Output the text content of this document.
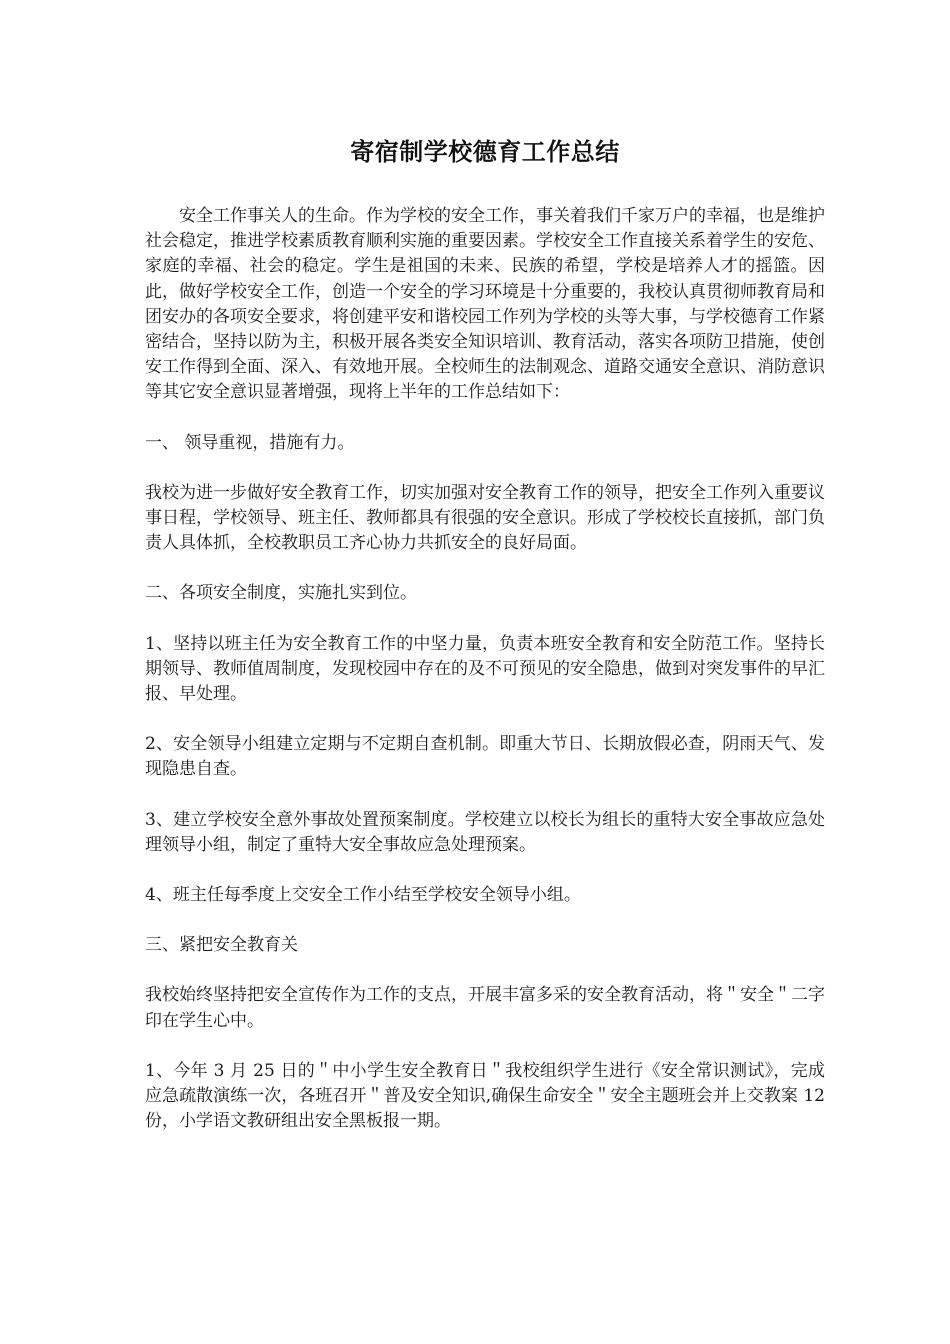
寄宿制学校德育工作总结

安全工作事关人的生命。作为学校的安全工作，事关着我们千家万户的幸福，也是维护社会稳定，推进学校素质教育顺利实施的重要因素。学校安全工作直接关系着学生的安危、家庭的幸福、社会的稳定。学生是祖国的未来、民族的希望，学校是培养人才的摇篮。因此，做好学校安全工作，创造一个安全的学习环境是十分重要的，我校认真贯彻师教育局和团安办的各项安全要求，将创建平安和谐校园工作列为学校的头等大事，与学校德育工作紧密结合，坚持以防为主，积极开展各类安全知识培训、教育活动，落实各项防卫措施，使创安工作得到全面、深入、有效地开展。全校师生的法制观念、道路交通安全意识、消防意识等其它安全意识显著增强，现将上半年的工作总结如下：

一、 领导重视，措施有力。

我校为进一步做好安全教育工作，切实加强对安全教育工作的领导，把安全工作列入重要议事日程，学校领导、班主任、教师都具有很强的安全意识。形成了学校校长直接抓，部门负责人具体抓，全校教职员工齐心协力共抓安全的良好局面。

二、各项安全制度，实施扎实到位。

1、坚持以班主任为安全教育工作的中坚力量，负责本班安全教育和安全防范工作。坚持长期领导、教师值周制度，发现校园中存在的及不可预见的安全隐患，做到对突发事件的早汇报、早处理。

2、安全领导小组建立定期与不定期自查机制。即重大节日、长期放假必查，阴雨天气、发现隐患自查。

3、建立学校安全意外事故处置预案制度。学校建立以校长为组长的重特大安全事故应急处理领导小组，制定了重特大安全事故应急处理预案。

4、班主任每季度上交安全工作小结至学校安全领导小组。

三、紧把安全教育关

我校始终坚持把安全宣传作为工作的支点，开展丰富多采的安全教育活动，将＂安全＂二字印在学生心中。

1、今年 3 月 25 日的＂中小学生安全教育日＂我校组织学生进行《安全常识测试》，完成应急疏散演练一次，各班召开＂普及安全知识,确保生命安全＂安全主题班会并上交教案 12 份，小学语文教研组出安全黑板报一期。
